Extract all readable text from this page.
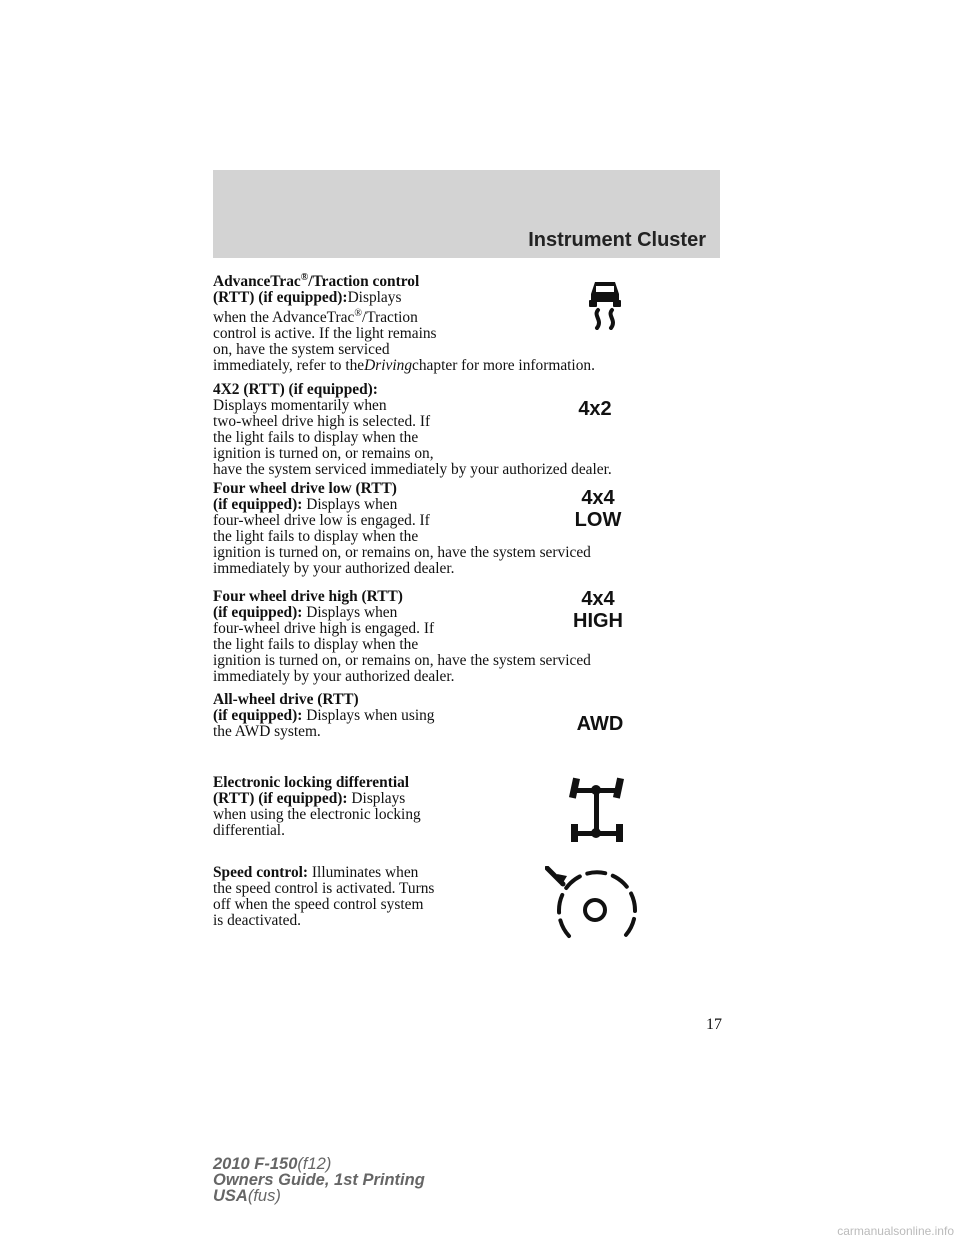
Instrument Cluster
AdvanceTrac®/Traction control
(RTT) (if equipped):Displays
when the AdvanceTrac®/Traction
control is active. If the light remains
on, have the system serviced
immediately, refer to theDrivingchapter for more information.
4X2 (RTT) (if equipped):
Displays momentarily when
two-wheel drive high is selected. If
the light fails to display when the
ignition is turned on, or remains on,
have the system serviced immediately by your authorized dealer.
4x2
Four wheel drive low (RTT)
(if equipped): Displays when
four-wheel drive low is engaged. If
the light fails to display when the
ignition is turned on, or remains on, have the system serviced
immediately by your authorized dealer.
4x4
LOW
Four wheel drive high (RTT)
(if equipped): Displays when
four-wheel drive high is engaged. If
the light fails to display when the
ignition is turned on, or remains on, have the system serviced
immediately by your authorized dealer.
4x4
HIGH
All-wheel drive (RTT)
(if equipped): Displays when using
the AWD system.	AWD
Electronic locking differential
(RTT) (if equipped): Displays
when using the electronic locking
differential.
Speed control: Illuminates when
the speed control is activated. Turns
off when the speed control system
is deactivated.
17
2010 F-150(f12)
Owners Guide, 1st Printing
USA(fus)
carmanualsonline.info
